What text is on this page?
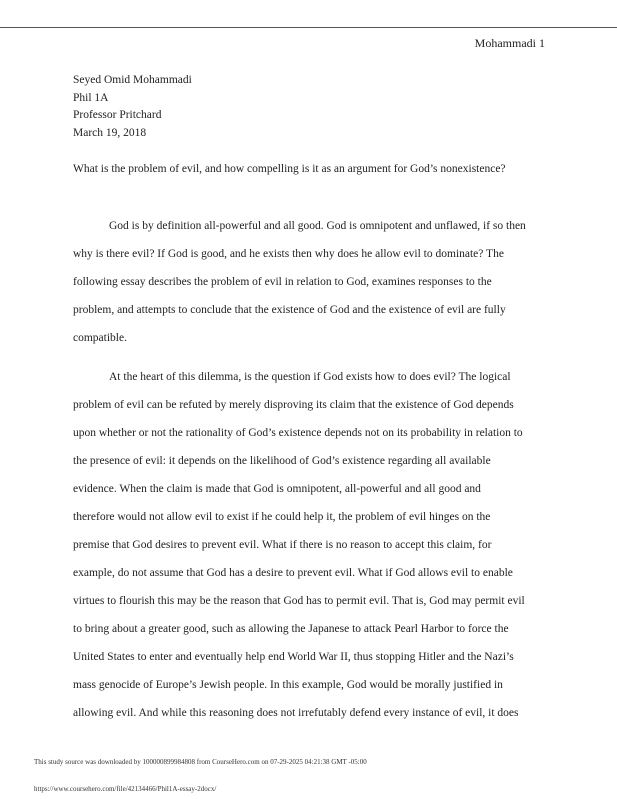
Mohammadi 1
Seyed Omid Mohammadi
Phil 1A
Professor Pritchard
March 19, 2018
What is the problem of evil, and how compelling is it as an argument for God’s nonexistence?
God is by definition all-powerful and all good. God is omnipotent and unflawed, if so then
why is there evil? If God is good, and he exists then why does he allow evil to dominate? The
following essay describes the problem of evil in relation to God, examines responses to the
problem, and attempts to conclude that the existence of God and the existence of evil are fully
compatible.
At the heart of this dilemma, is the question if God exists how to does evil? The logical
problem of evil can be refuted by merely disproving its claim that the existence of God depends
upon whether or not the rationality of God’s existence depends not on its probability in relation to
the presence of evil: it depends on the likelihood of God’s existence regarding all available
evidence. When the claim is made that God is omnipotent, all-powerful and all good and
therefore would not allow evil to exist if he could help it, the problem of evil hinges on the
premise that God desires to prevent evil. What if there is no reason to accept this claim, for
example, do not assume that God has a desire to prevent evil. What if God allows evil to enable
virtues to flourish this may be the reason that God has to permit evil. That is, God may permit evil
to bring about a greater good, such as allowing the Japanese to attack Pearl Harbor to force the
United States to enter and eventually help end World War II, thus stopping Hitler and the Nazi’s
mass genocide of Europe’s Jewish people. In this example, God would be morally justified in
allowing evil. And while this reasoning does not irrefutably defend every instance of evil, it does
This study source was downloaded by 100000899984808 from CourseHero.com on 07-29-2025 04:21:38 GMT -05:00
https://www.coursehero.com/file/42134466/Phil1A-essay-2docx/
